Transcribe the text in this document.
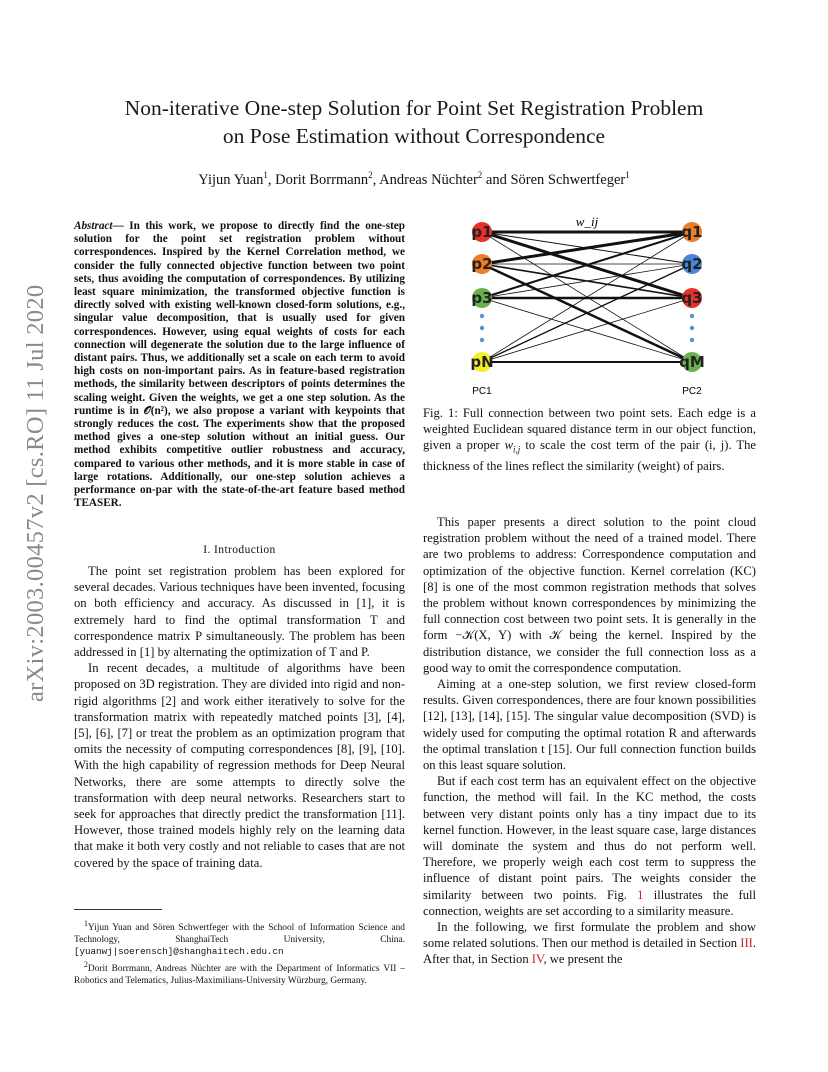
Non-iterative One-step Solution for Point Set Registration Problem
on Pose Estimation without Correspondence
Yijun Yuan$^1$, Dorit Borrmann$^2$, Andreas Nüchter$^2$ and Sören Schwertfeger$^1$
arXiv:2003.00457v2 [cs.RO] 11 Jul 2020
Abstract— In this work, we propose to directly find the one-step solution for the point set registration problem without correspondences. Inspired by the Kernel Correlation method, we consider the fully connected objective function between two point sets, thus avoiding the computation of correspondences. By utilizing least square minimization, the transformed objective function is directly solved with existing well-known closed-form solutions, e.g., singular value decomposition, that is usually used for given correspondences. However, using equal weights of costs for each connection will degenerate the solution due to the large influence of distant pairs. Thus, we additionally set a scale on each term to avoid high costs on non-important pairs. As in feature-based registration methods, the similarity between descriptors of points determines the scaling weight. Given the weights, we get a one step solution. As the runtime is in 𝒪(n²), we also propose a variant with keypoints that strongly reduces the cost. The experiments show that the proposed method gives a one-step solution without an initial guess. Our method exhibits competitive outlier robustness and accuracy, compared to various other methods, and it is more stable in case of large rotations. Additionally, our one-step solution achieves a performance on-par with the state-of-the-art feature based method TEASER.
I. Introduction

The point set registration problem has been explored for several decades. Various techniques have been invented, focusing on both efficiency and accuracy. As discussed in [1], it is extremely hard to find the optimal transformation T and correspondence matrix P simultaneously. The problem has been addressed in [1] by alternating the optimization of T and P.

In recent decades, a multitude of algorithms have been proposed on 3D registration. They are divided into rigid and non-rigid algorithms [2] and work either iteratively to solve for the transformation matrix with repeatedly matched points [3], [4], [5], [6], [7] or treat the problem as an optimization program that omits the necessity of computing correspondences [8], [9], [10]. With the high capability of regression methods for Deep Neural Networks, there are some attempts to directly solve the transformation with deep neural networks. Researchers start to seek for approaches that directly predict the transformation [11]. However, those trained models highly rely on the learning data that make it both very costly and not reliable to cases that are not covered by the space of training data.

$^1$Yijun Yuan and Sören Schwertfeger with the School of Information Science and Technology, ShanghaiTech University, China. [yuanwj|soerensch]@shanghaitech.edu.cn

$^2$Dorit Borrmann, Andreas Nüchter are with the Department of Informatics VII – Robotics and Telematics, Julius-Maximilians-University Würzburg, Germany.

p1
p2
p3
pN
q1
q2
q3
qM
w_ij
PC1	PC2
Fig. 1: Full connection between two point sets. Each edge is a weighted Euclidean squared distance term in our object function, given a proper $w_{i,j}$ to scale the cost term of the pair (i, j). The thickness of the lines reflect the similarity (weight) of pairs.

This paper presents a direct solution to the point cloud registration problem without the need of a trained model. There are two problems to address: Correspondence computation and optimization of the objective function. Kernel correlation (KC) [8] is one of the most common registration methods that solves the problem without known correspondences by minimizing the full connection cost between two point sets. It is generally in the form −𝒦(X, Y) with 𝒦 being the kernel. Inspired by the distribution distance, we consider the full connection loss as a good way to omit the correspondence computation.

Aiming at a one-step solution, we first review closed-form results. Given correspondences, there are four known possibilities [12], [13], [14], [15]. The singular value decomposition (SVD) is widely used for computing the optimal rotation R and afterwards the optimal translation t [15]. Our full connection function builds on this least square solution.

But if each cost term has an equivalent effect on the objective function, the method will fail. In the KC method, the costs between very distant points only has a tiny impact due to its kernel function. However, in the least square case, large distances will dominate the system and thus do not perform well. Therefore, we properly weigh each cost term to suppress the influence of distant point pairs. The weights consider the similarity between two points. Fig. 1 illustrates the full connection, weights are set according to a similarity measure.

In the following, we first formulate the problem and show some related solutions. Then our method is detailed in Section III. After that, in Section IV, we present the
